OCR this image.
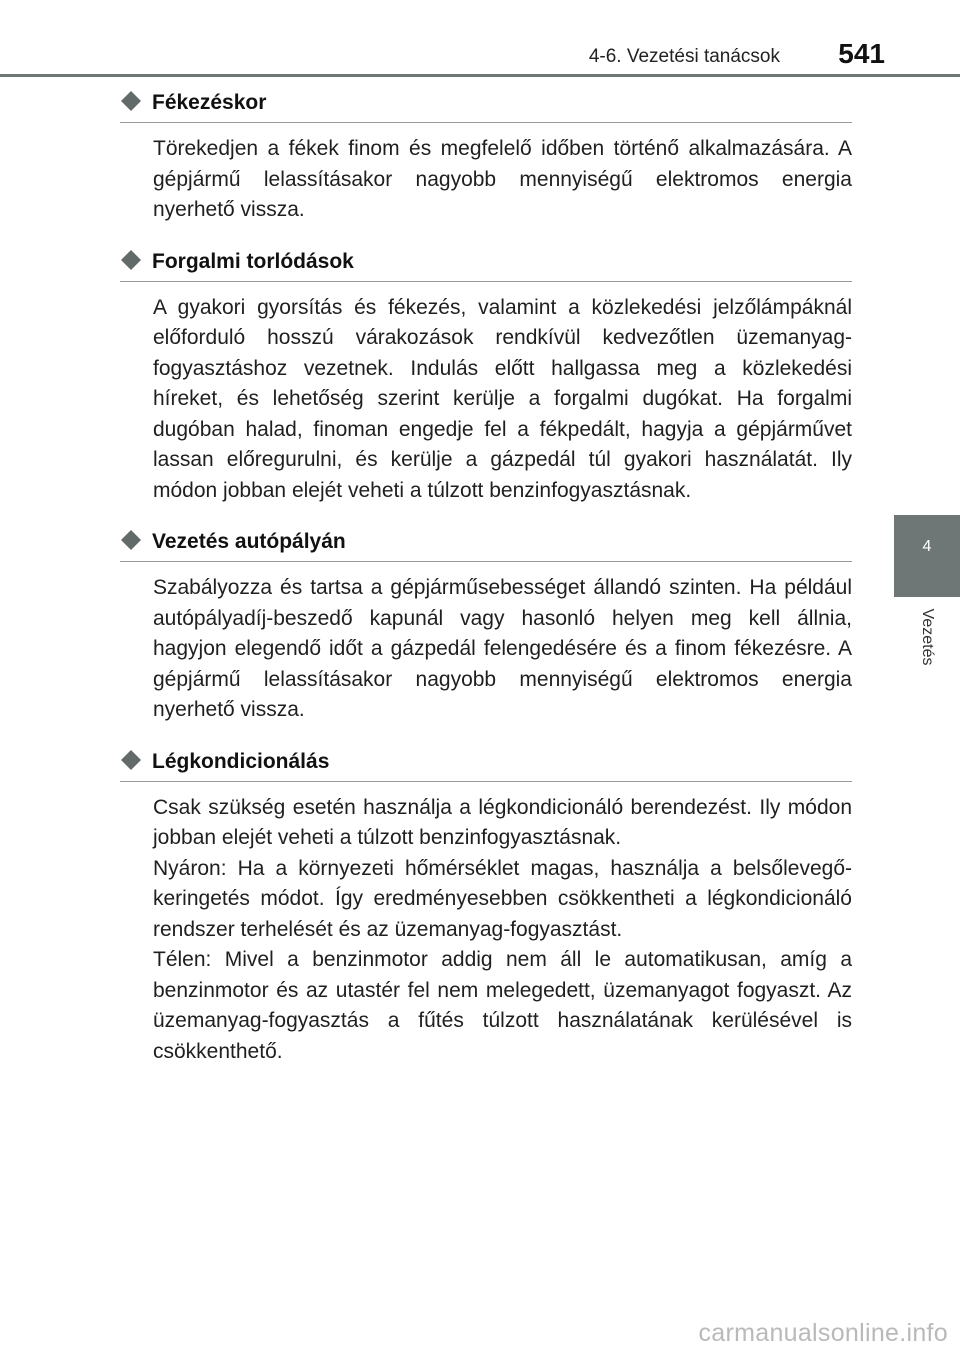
4-6. Vezetési tanácsok 541
4
Vezetés
Fékezéskor

Törekedjen a fékek finom és megfelelő időben történő alkalmazására. A gépjármű lelassításakor nagyobb mennyiségű elektromos energia nyerhető vissza.

Forgalmi torlódások

A gyakori gyorsítás és fékezés, valamint a közlekedési jelzőlámpáknál előforduló hosszú várakozások rendkívül kedvezőtlen üzemanyag-fogyasztáshoz vezetnek. Indulás előtt hallgassa meg a közlekedési híreket, és lehetőség szerint kerülje a forgalmi dugókat. Ha forgalmi dugóban halad, finoman engedje fel a fékpedált, hagyja a gépjárművet lassan előregurulni, és kerülje a gázpedál túl gyakori használatát. Ily módon jobban elejét veheti a túlzott benzinfogyasztásnak.

Vezetés autópályán

Szabályozza és tartsa a gépjárműsebességet állandó szinten. Ha például autópályadíj-beszedő kapunál vagy hasonló helyen meg kell állnia, hagyjon elegendő időt a gázpedál felengedésére és a finom fékezésre. A gépjármű lelassításakor nagyobb mennyiségű elektromos energia nyerhető vissza.

Légkondicionálás

Csak szükség esetén használja a légkondicionáló berendezést. Ily módon jobban elejét veheti a túlzott benzinfogyasztásnak.

Nyáron: Ha a környezeti hőmérséklet magas, használja a belsőlevegő-keringetés módot. Így eredményesebben csökkentheti a légkondicionáló rendszer terhelését és az üzemanyag-fogyasztást.

Télen: Mivel a benzinmotor addig nem áll le automatikusan, amíg a benzinmotor és az utastér fel nem melegedett, üzemanyagot fogyaszt. Az üzemanyag-fogyasztás a fűtés túlzott használatának kerülésével is csökkenthető.

carmanualsonline.info
